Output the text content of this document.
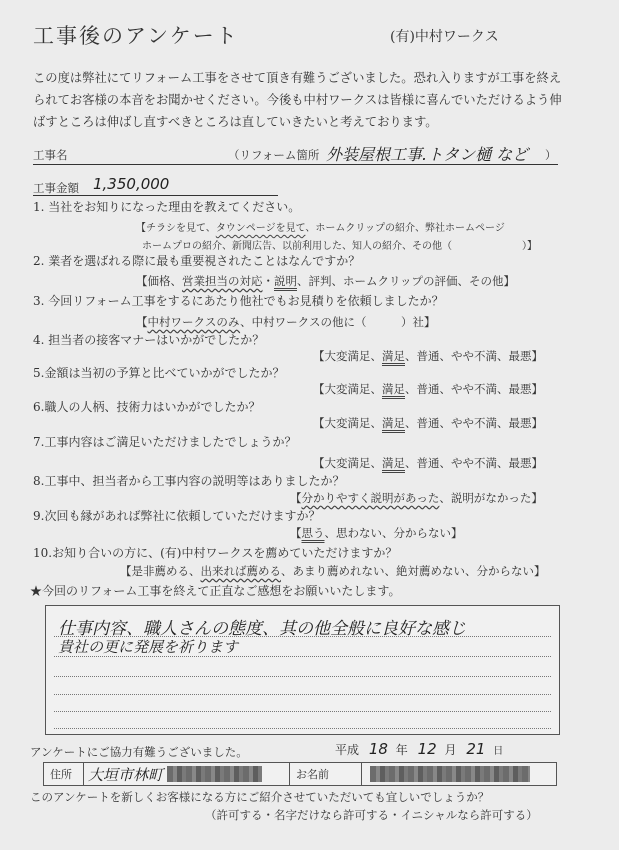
工事後のアンケート	(有)中村ワークス
この度は弊社にてリフォーム工事をさせて頂き有難うございました。恐れ入りますが工事を終え
られてお客様の本音をお聞かせください。今後も中村ワークスは皆様に喜んでいただけるよう伸
ばすところは伸ばし直すべきところは直していきたいと考えております。
工事名	（リフォーム箇所 外装屋根工事.トタン樋 など ）
工事金額 1,350,000
1. 当社をお知りになった理由を教えてください。
【チラシを見て、タウンページを見て、ホームクリップの紹介、弊社ホームページ
ホームプロの紹介、新聞広告、以前利用した、知人の紹介、その他（　　　　　　　）】
2. 業者を選ばれる際に最も重要視されたことはなんですか？
【価格、営業担当の対応・説明、評判、ホームクリップの評価、その他】
3. 今回リフォーム工事をするにあたり他社でもお見積りを依頼しましたか？
【中村ワークスのみ、中村ワークスの他に（　　　）社】
4. 担当者の接客マナーはいかがでしたか？
【大変満足、満足、普通、やや不満、最悪】
5.金額は当初の予算と比べていかがでしたか？
【大変満足、満足、普通、やや不満、最悪】
6.職人の人柄、技術力はいかがでしたか？
【大変満足、満足、普通、やや不満、最悪】
7.工事内容はご満足いただけましたでしょうか？
【大変満足、満足、普通、やや不満、最悪】
8.工事中、担当者から工事内容の説明等はありましたか？
【分かりやすく説明があった、説明がなかった】
9.次回も縁があれば弊社に依頼していただけますか？
【思う、思わない、分からない】
10.お知り合いの方に、(有)中村ワークスを薦めていただけますか？
【是非薦める、出来れば薦める、あまり薦めれない、絶対薦めない、分からない】
★今回のリフォーム工事を終えて正直なご感想をお願いいたします。
仕事内容、職人さんの態度、其の他全般に良好な感じ
貴社の更に発展を祈ります
アンケートにご協力有難うございました。	平成 18 年 12 月 21 日
住所	大垣市林町	お名前
このアンケートを新しくお客様になる方にご紹介させていただいても宜しいでしょうか？
（許可する・名字だけなら許可する・イニシャルなら許可する）
